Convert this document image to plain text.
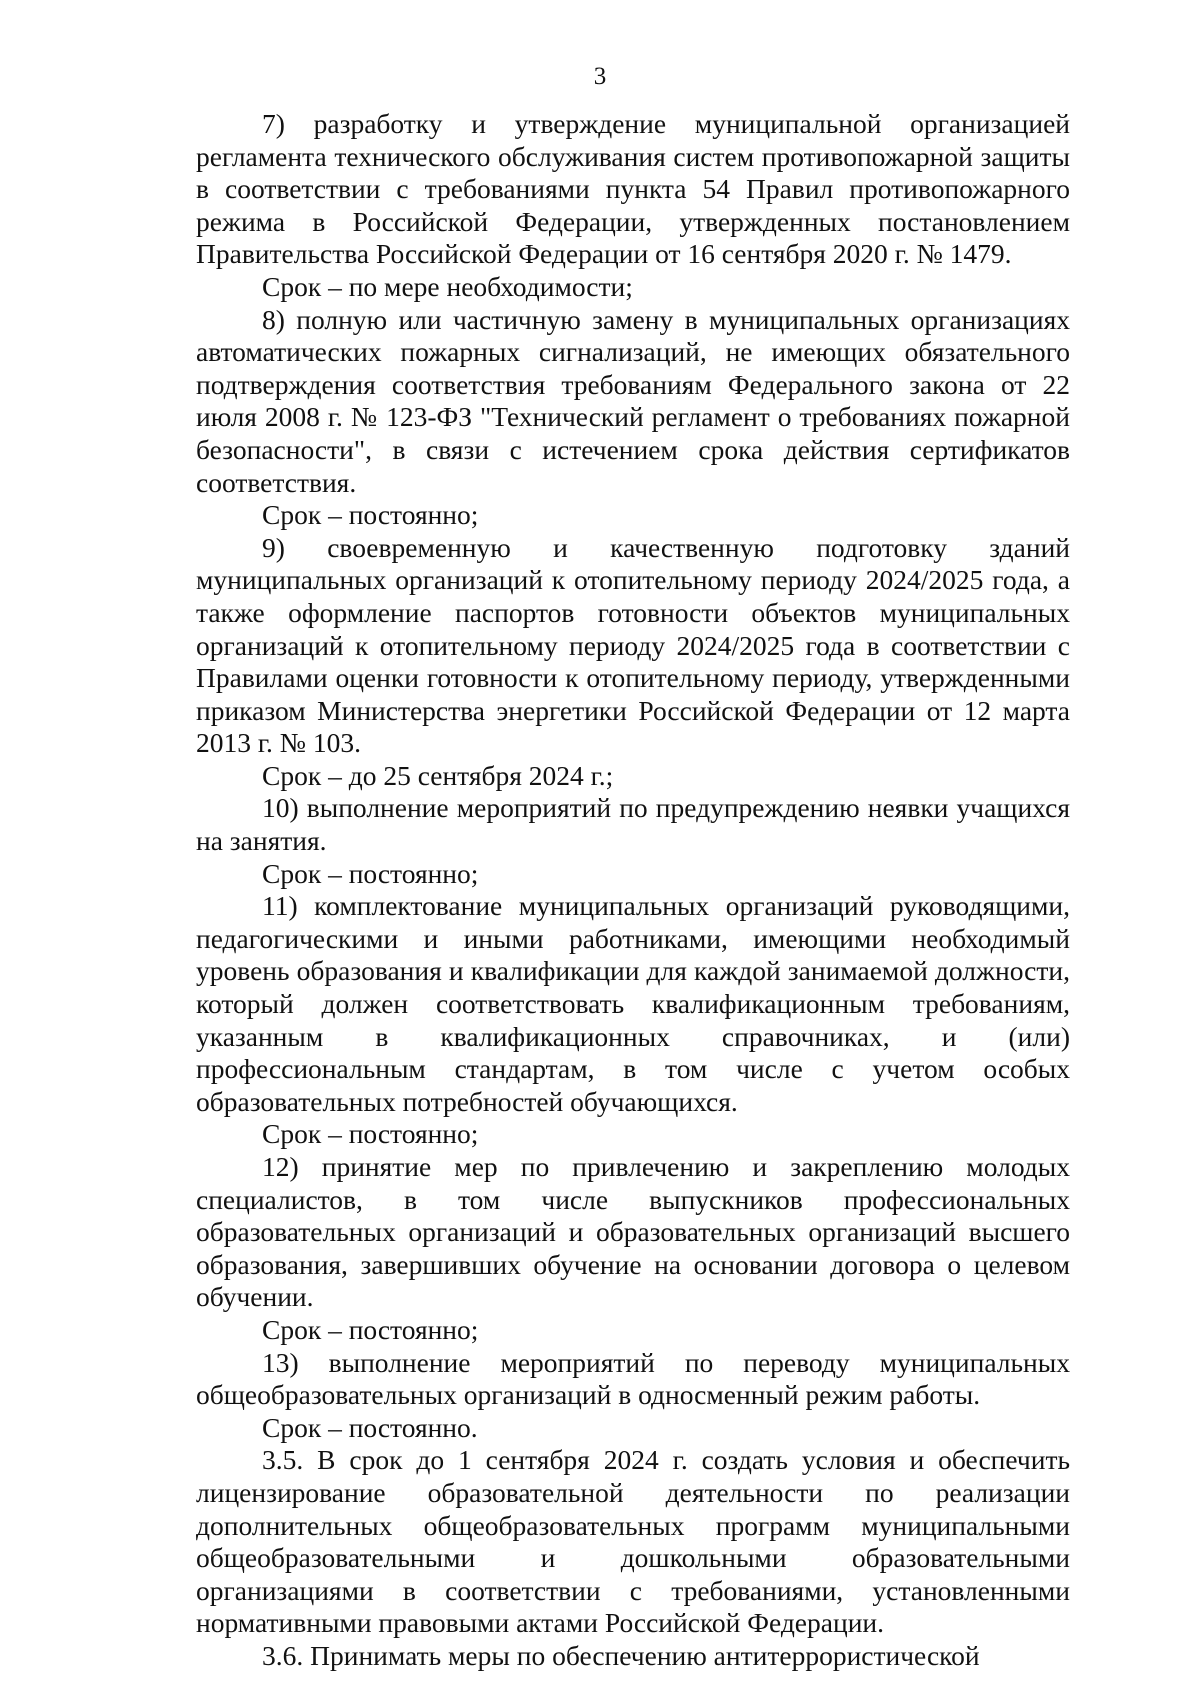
3

7) разработку и утверждение муниципальной организацией регламента технического обслуживания систем противопожарной защиты в соответствии с требованиями пункта 54 Правил противопожарного режима в Российской Федерации, утвержденных постановлением Правительства Российской Федерации от 16 сентября 2020 г. № 1479.

Срок – по мере необходимости;

8) полную или частичную замену в муниципальных организациях автоматических пожарных сигнализаций, не имеющих обязательного подтверждения соответствия требованиям Федерального закона от 22 июля 2008 г. № 123-ФЗ "Технический регламент о требованиях пожарной безопасности", в связи с истечением срока действия сертификатов соответствия.

Срок – постоянно;

9) своевременную и качественную подготовку зданий муниципальных организаций к отопительному периоду 2024/2025 года, а также оформление паспортов готовности объектов муниципальных организаций к отопительному периоду 2024/2025 года в соответствии с Правилами оценки готовности к отопительному периоду, утвержденными приказом Министерства энергетики Российской Федерации от 12 марта 2013 г. № 103.

Срок – до 25 сентября 2024 г.;

10) выполнение мероприятий по предупреждению неявки учащихся на занятия.

Срок – постоянно;

11) комплектование муниципальных организаций руководящими, педагогическими и иными работниками, имеющими необходимый уровень образования и квалификации для каждой занимаемой должности, который должен соответствовать квалификационным требованиям, указанным в квалификационных справочниках, и (или) профессиональным стандартам, в том числе с учетом особых образовательных потребностей обучающихся.

Срок – постоянно;

12) принятие мер по привлечению и закреплению молодых специалистов, в том числе выпускников профессиональных образовательных организаций и образовательных организаций высшего образования, завершивших обучение на основании договора о целевом обучении.

Срок – постоянно;

13) выполнение мероприятий по переводу муниципальных общеобразовательных организаций в односменный режим работы.

Срок – постоянно.

3.5. В срок до 1 сентября 2024 г. создать условия и обеспечить лицензирование образовательной деятельности по реализации дополнительных общеобразовательных программ муниципальными общеобразовательными и дошкольными образовательными организациями в соответствии с требованиями, установленными нормативными правовыми актами Российской Федерации.

3.6. Принимать меры по обеспечению антитеррористической
